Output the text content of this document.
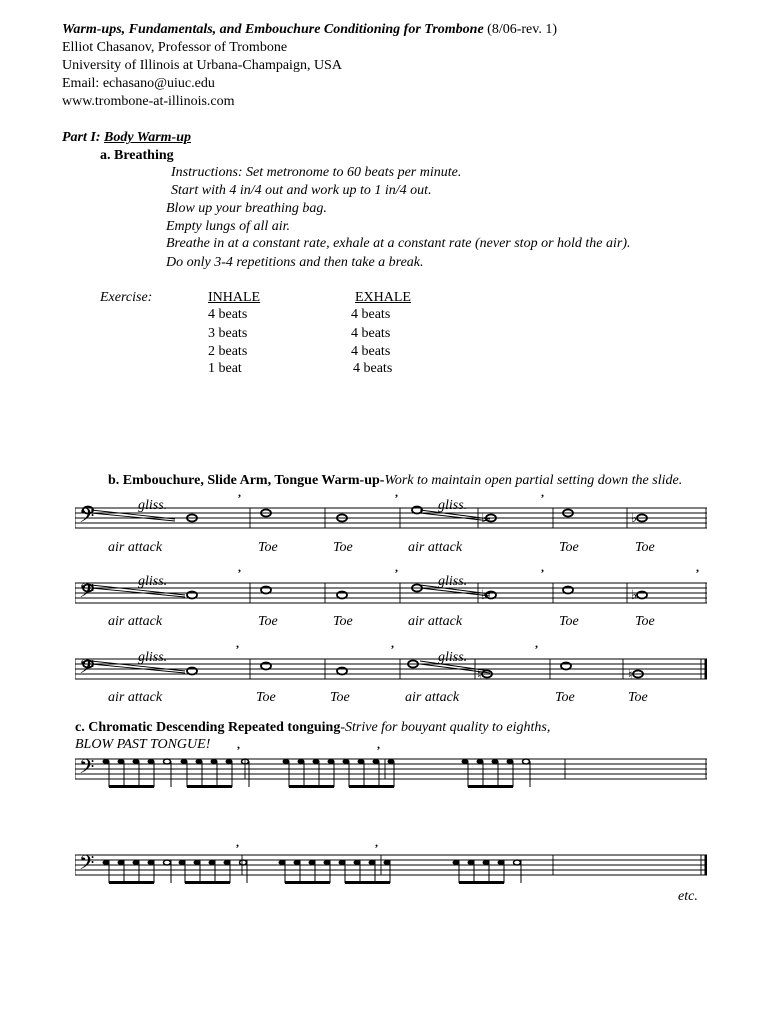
Warm-ups, Fundamentals, and Embouchure Conditioning for Trombone (8/06-rev. 1)
Elliot Chasanov, Professor of Trombone
University of Illinois at Urbana-Champaign, USA
Email: echasano@uiuc.edu
www.trombone-at-illinois.com
Part I: Body Warm-up
a. Breathing
Instructions: Set metronome to 60 beats per minute.
Start with 4 in/4 out and work up to 1 in/4 out.
Blow up your breathing bag.
Empty lungs of all air.
Breathe in at a constant rate, exhale at a constant rate (never stop or hold the air).
Do only 3-4 repetitions and then take a break.
Exercise:	INHALE	EXHALE
4 beats	4 beats
3 beats	4 beats
2 beats	4 beats
1 beat	4 beats
b. Embouchure, Slide Arm, Tongue Warm-up-Work to maintain open partial setting down the slide.
𝄢	♭	♭
,	,	,
gliss.	gliss.
air attack	Toe	Toe	air attack	Toe	Toe
𝄢	♭	♭
,	,	,	,
gliss.	gliss.
air attack	Toe	Toe	air attack	Toe	Toe
𝄢	♮	♮
,	,	,
gliss.	gliss.
air attack	Toe	Toe	air attack	Toe	Toe
c. Chromatic Descending Repeated tonguing-Strive for bouyant quality to eighths,
BLOW PAST TONGUE!
𝄢
,	,
𝄢
,	,
etc.
